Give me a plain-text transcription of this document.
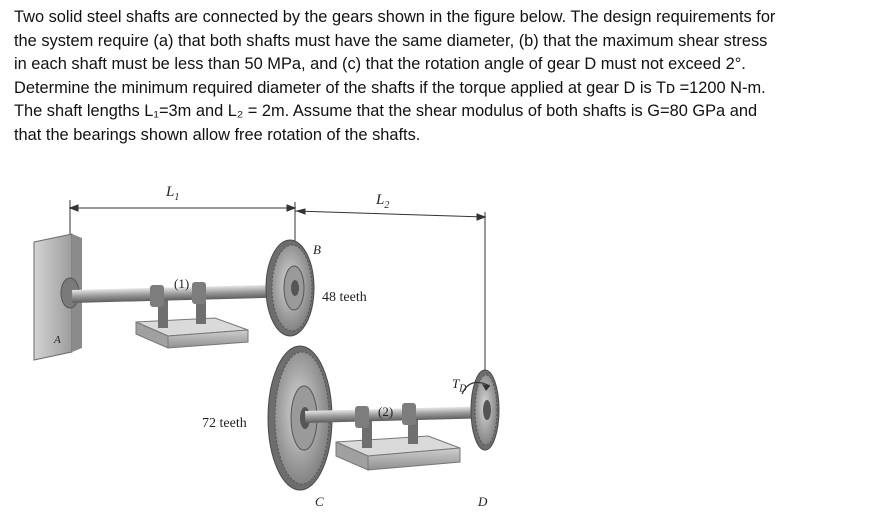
Two solid steel shafts are connected by the gears shown in the figure below. The design requirements for
the system require (a) that both shafts must have the same diameter, (b) that the maximum shear stress
in each shaft must be less than 50 MPa, and (c) that the rotation angle of gear D must not exceed 2°.
Determine the minimum required diameter of the shafts if the torque applied at gear D is Tᴅ =1200 N-m.
The shaft lengths L₁=3m and L₂ = 2m. Assume that the shear modulus of both shafts is G=80 GPa and
that the bearings shown allow free rotation of the shafts.
$L_1$	$L_2$
B
48 teeth
(1)
A
$T_D$
(2)
72 teeth
C	D
